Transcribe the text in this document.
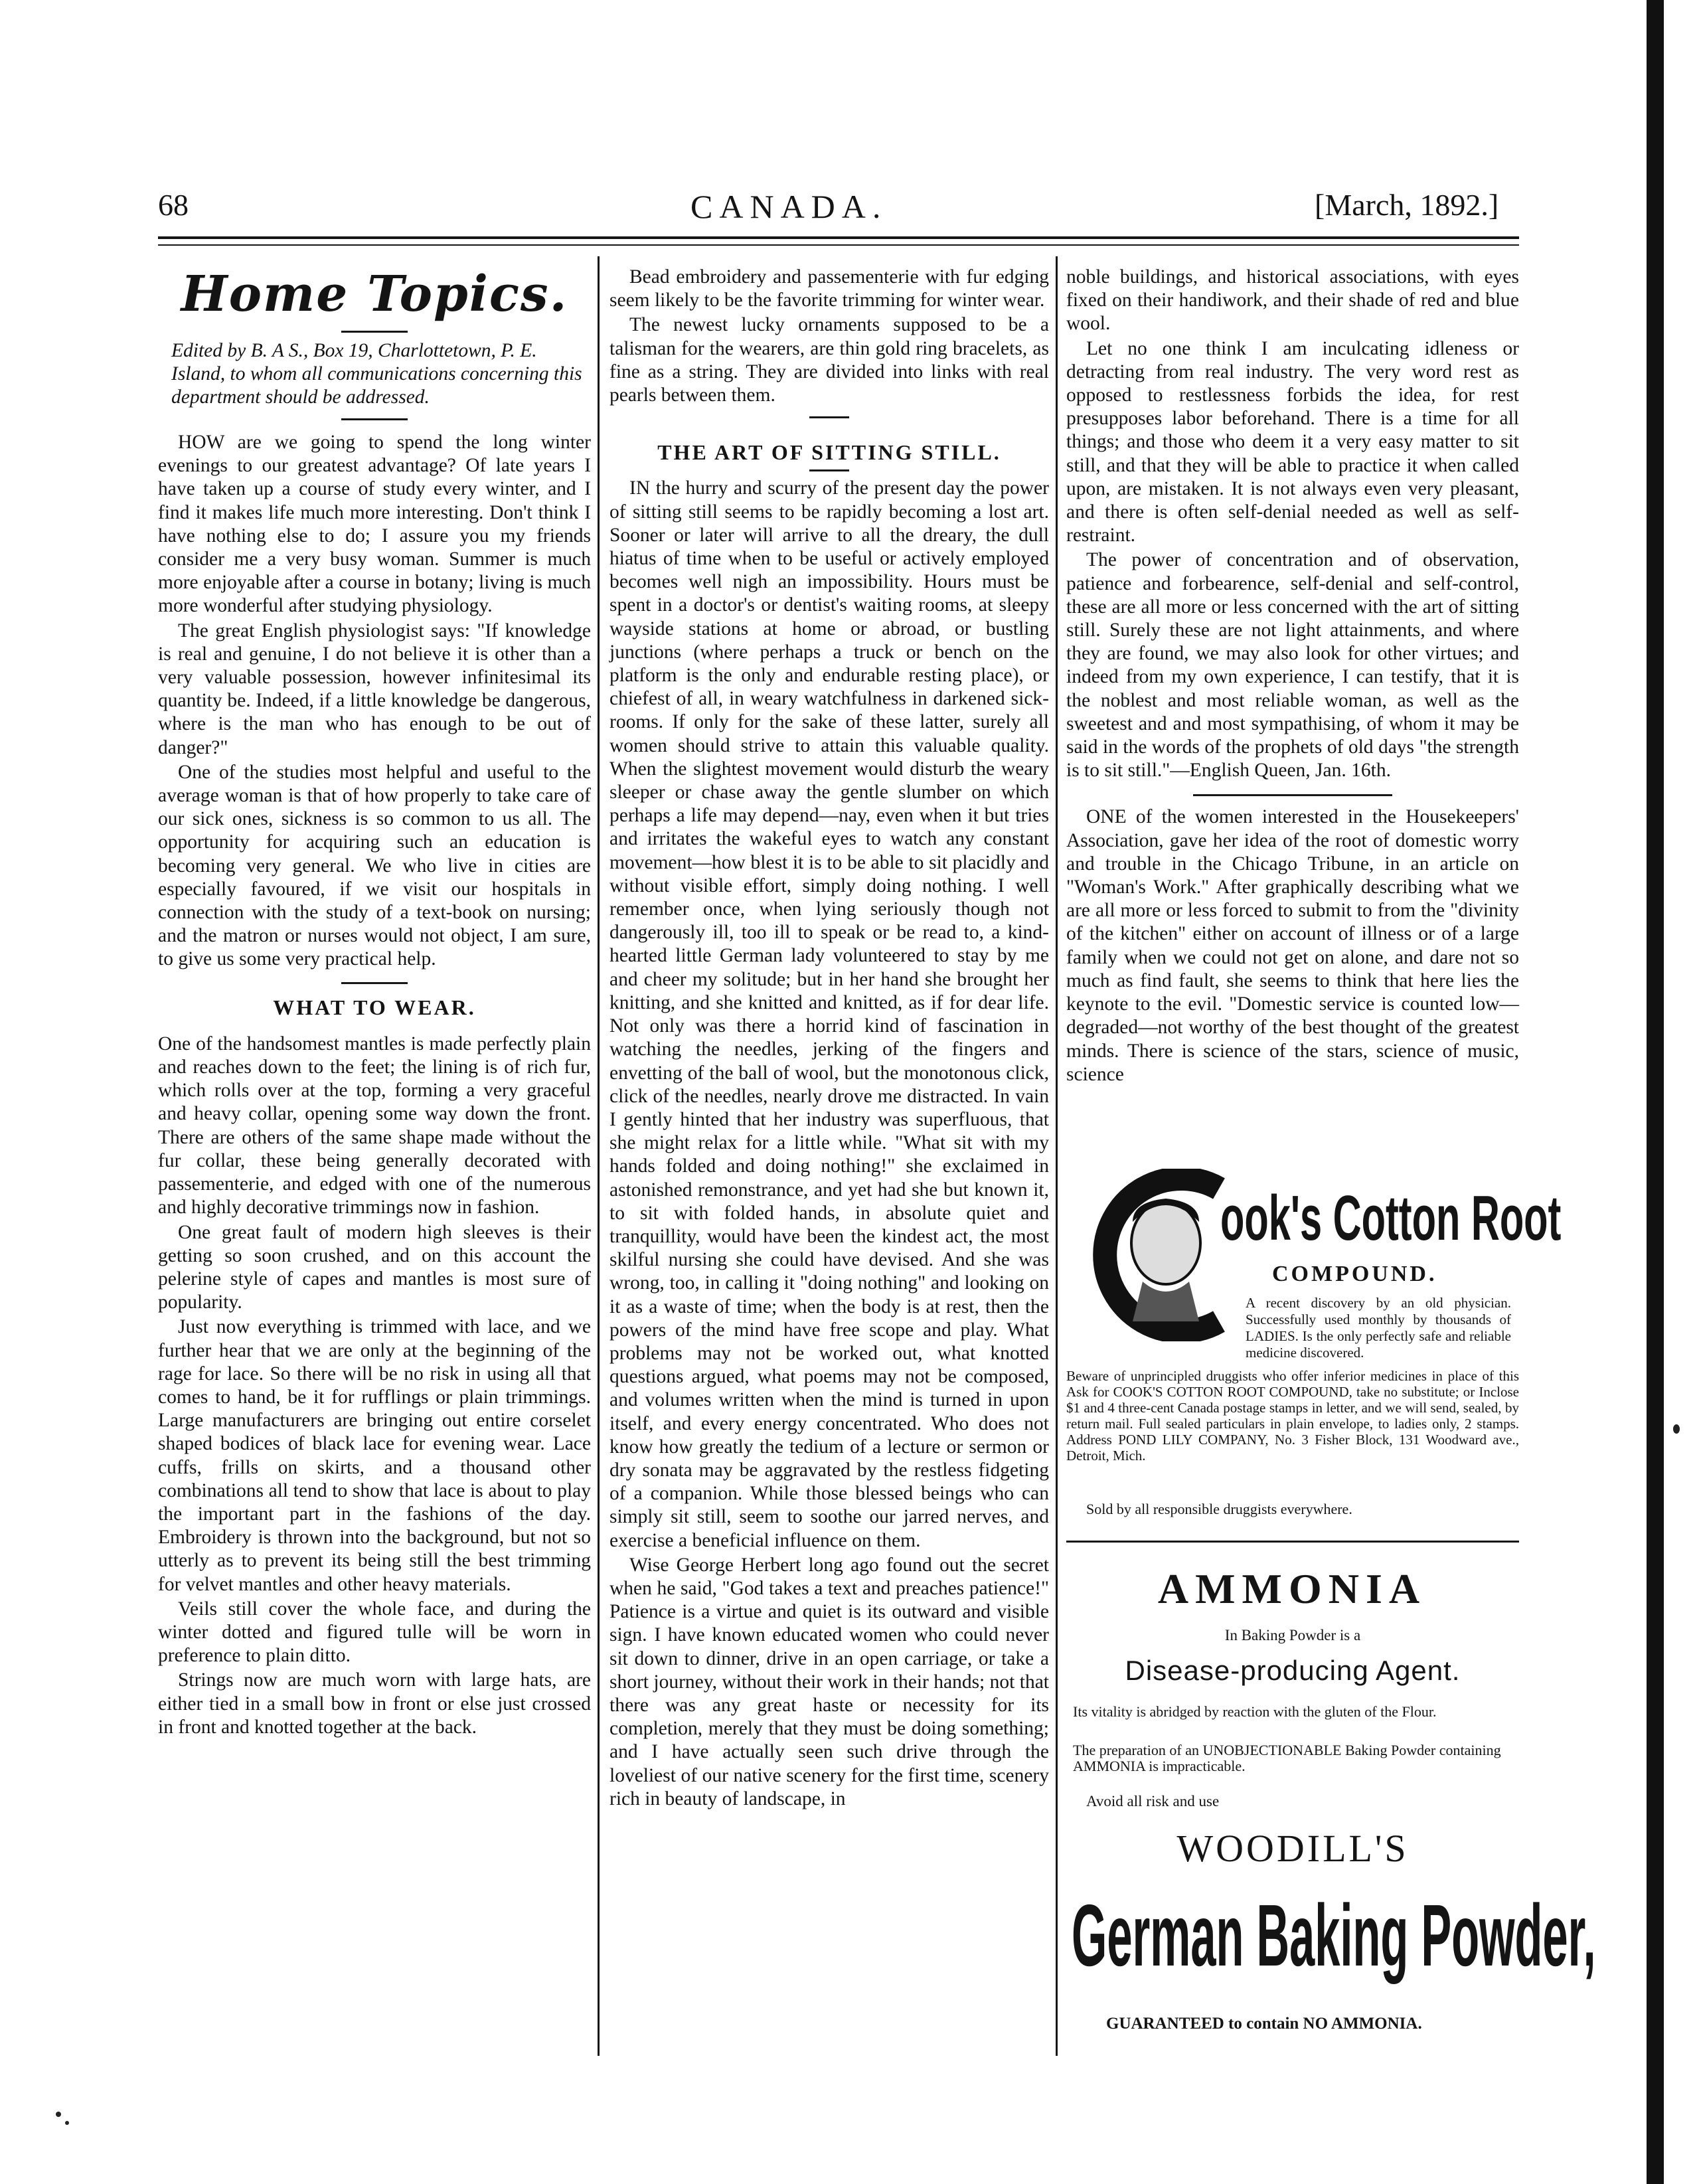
68	CANADA.	[March, 1892.]
Home Topics.

Edited by B. A S., Box 19, Charlottetown, P. E. Island, to whom all communications concerning this department should be addressed.

HOW are we going to spend the long winter evenings to our greatest advantage? Of late years I have taken up a course of study every winter, and I find it makes life much more interesting. Don't think I have nothing else to do; I assure you my friends consider me a very busy woman. Summer is much more enjoyable after a course in botany; living is much more wonderful after studying physiology.

The great English physiologist says: "If knowledge is real and genuine, I do not believe it is other than a very valuable possession, however infinitesimal its quantity be. Indeed, if a little knowledge be dangerous, where is the man who has enough to be out of danger?"

One of the studies most helpful and useful to the average woman is that of how properly to take care of our sick ones, sickness is so common to us all. The opportunity for acquiring such an education is becoming very general. We who live in cities are especially favoured, if we visit our hospitals in connection with the study of a text-book on nursing; and the matron or nurses would not object, I am sure, to give us some very practical help.

WHAT TO WEAR.

One of the handsomest mantles is made perfectly plain and reaches down to the feet; the lining is of rich fur, which rolls over at the top, forming a very graceful and heavy collar, opening some way down the front. There are others of the same shape made without the fur collar, these being generally decorated with passementerie, and edged with one of the numerous and highly decorative trimmings now in fashion.

One great fault of modern high sleeves is their getting so soon crushed, and on this account the pelerine style of capes and mantles is most sure of popularity.

Just now everything is trimmed with lace, and we further hear that we are only at the beginning of the rage for lace. So there will be no risk in using all that comes to hand, be it for rufflings or plain trimmings. Large manufacturers are bringing out entire corselet shaped bodices of black lace for evening wear. Lace cuffs, frills on skirts, and a thousand other combinations all tend to show that lace is about to play the important part in the fashions of the day. Embroidery is thrown into the background, but not so utterly as to prevent its being still the best trimming for velvet mantles and other heavy materials.

Veils still cover the whole face, and during the winter dotted and figured tulle will be worn in preference to plain ditto.

Strings now are much worn with large hats, are either tied in a small bow in front or else just crossed in front and knotted together at the back.

Bead embroidery and passementerie with fur edging seem likely to be the favorite trimming for winter wear.

The newest lucky ornaments supposed to be a talisman for the wearers, are thin gold ring bracelets, as fine as a string. They are divided into links with real pearls between them.

THE ART OF SITTING STILL.

IN the hurry and scurry of the present day the power of sitting still seems to be rapidly becoming a lost art. Sooner or later will arrive to all the dreary, the dull hiatus of time when to be useful or actively employed becomes well nigh an impossibility. Hours must be spent in a doctor's or dentist's waiting rooms, at sleepy wayside stations at home or abroad, or bustling junctions (where perhaps a truck or bench on the platform is the only and endurable resting place), or chiefest of all, in weary watchfulness in darkened sick-rooms. If only for the sake of these latter, surely all women should strive to attain this valuable quality. When the slightest movement would disturb the weary sleeper or chase away the gentle slumber on which perhaps a life may depend—nay, even when it but tries and irritates the wakeful eyes to watch any constant movement—how blest it is to be able to sit placidly and without visible effort, simply doing nothing. I well remember once, when lying seriously though not dangerously ill, too ill to speak or be read to, a kind-hearted little German lady volunteered to stay by me and cheer my solitude; but in her hand she brought her knitting, and she knitted and knitted, as if for dear life. Not only was there a horrid kind of fascination in watching the needles, jerking of the fingers and envetting of the ball of wool, but the monotonous click, click of the needles, nearly drove me distracted. In vain I gently hinted that her industry was superfluous, that she might relax for a little while. "What sit with my hands folded and doing nothing!" she exclaimed in astonished remonstrance, and yet had she but known it, to sit with folded hands, in absolute quiet and tranquillity, would have been the kindest act, the most skilful nursing she could have devised. And she was wrong, too, in calling it "doing nothing" and looking on it as a waste of time; when the body is at rest, then the powers of the mind have free scope and play. What problems may not be worked out, what knotted questions argued, what poems may not be composed, and volumes written when the mind is turned in upon itself, and every energy concentrated. Who does not know how greatly the tedium of a lecture or sermon or dry sonata may be aggravated by the restless fidgeting of a companion. While those blessed beings who can simply sit still, seem to soothe our jarred nerves, and exercise a beneficial influence on them.

Wise George Herbert long ago found out the secret when he said, "God takes a text and preaches patience!" Patience is a virtue and quiet is its outward and visible sign. I have known educated women who could never sit down to dinner, drive in an open carriage, or take a short journey, without their work in their hands; not that there was any great haste or necessity for its completion, merely that they must be doing something; and I have actually seen such drive through the loveliest of our native scenery for the first time, scenery rich in beauty of landscape, in

noble buildings, and historical associations, with eyes fixed on their handiwork, and their shade of red and blue wool.

Let no one think I am inculcating idleness or detracting from real industry. The very word rest as opposed to restlessness forbids the idea, for rest presupposes labor beforehand. There is a time for all things; and those who deem it a very easy matter to sit still, and that they will be able to practice it when called upon, are mistaken. It is not always even very pleasant, and there is often self-denial needed as well as self-restraint.

The power of concentration and of observation, patience and forbearence, self-denial and self-control, these are all more or less concerned with the art of sitting still. Surely these are not light attainments, and where they are found, we may also look for other virtues; and indeed from my own experience, I can testify, that it is the noblest and most reliable woman, as well as the sweetest and and most sympathising, of whom it may be said in the words of the prophets of old days "the strength is to sit still."—English Queen, Jan. 16th.

ONE of the women interested in the Housekeepers' Association, gave her idea of the root of domestic worry and trouble in the Chicago Tribune, in an article on "Woman's Work." After graphically describing what we are all more or less forced to submit to from the "divinity of the kitchen" either on account of illness or of a large family when we could not get on alone, and dare not so much as find fault, she seems to think that here lies the keynote to the evil. "Domestic service is counted low—degraded—not worthy of the best thought of the greatest minds. There is science of the stars, science of music, science

ook's Cotton Root
COMPOUND.
A recent discovery by an old physician. Successfully used monthly by thousands of LADIES. Is the only perfectly safe and reliable medicine discovered.
Beware of unprincipled druggists who offer inferior medicines in place of this Ask for COOK'S COTTON ROOT COMPOUND, take no substitute; or Inclose $1 and 4 three-cent Canada postage stamps in letter, and we will send, sealed, by return mail. Full sealed particulars in plain envelope, to ladies only, 2 stamps. Address POND LILY COMPANY, No. 3 Fisher Block, 131 Woodward ave., Detroit, Mich.
Sold by all responsible druggists everywhere.
AMMONIA
In Baking Powder is a
Disease-producing Agent.
Its vitality is abridged by reaction with the gluten of the Flour.
The preparation of an UNOBJECTIONABLE Baking Powder containing AMMONIA is impracticable.
Avoid all risk and use
WOODILL'S
German Baking Powder,
GUARANTEED to contain NO AMMONIA.
